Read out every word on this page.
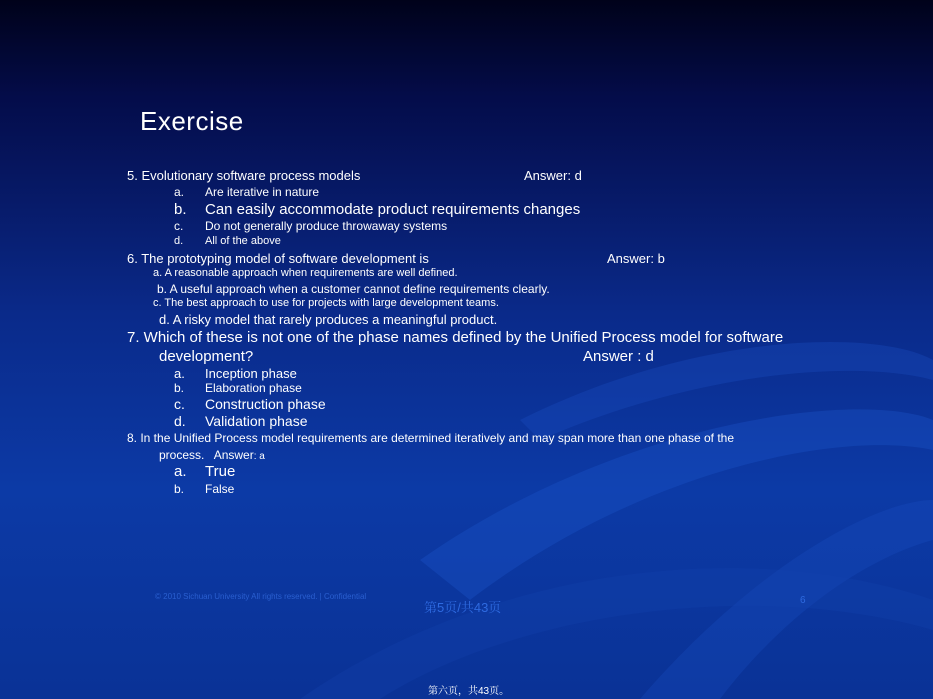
Exercise
5. Evolutionary software process models	Answer: d
a. Are iterative in nature
b. Can easily accommodate product requirements changes
c. Do not generally produce throwaway systems
d. All of the above
6. The prototyping model of software development is	Answer: b
a. A reasonable approach when requirements are well defined.
b. A useful approach when a customer cannot define requirements clearly.
c. The best approach to use for projects with large development teams.
d. A risky model that rarely produces a meaningful product.
7. Which of these is not one of the phase names defined by the Unified Process model for software
development?	Answer : d
a. Inception phase
b. Elaboration phase
c. Construction phase
d. Validation phase
8. In the Unified Process model requirements are determined iteratively and may span more than one phase of the
process. Answer: a
a. True
b. False
© 2010 Sichuan University All rights reserved. | Confidential
第5页/共43页	6
第六页，共43页。
